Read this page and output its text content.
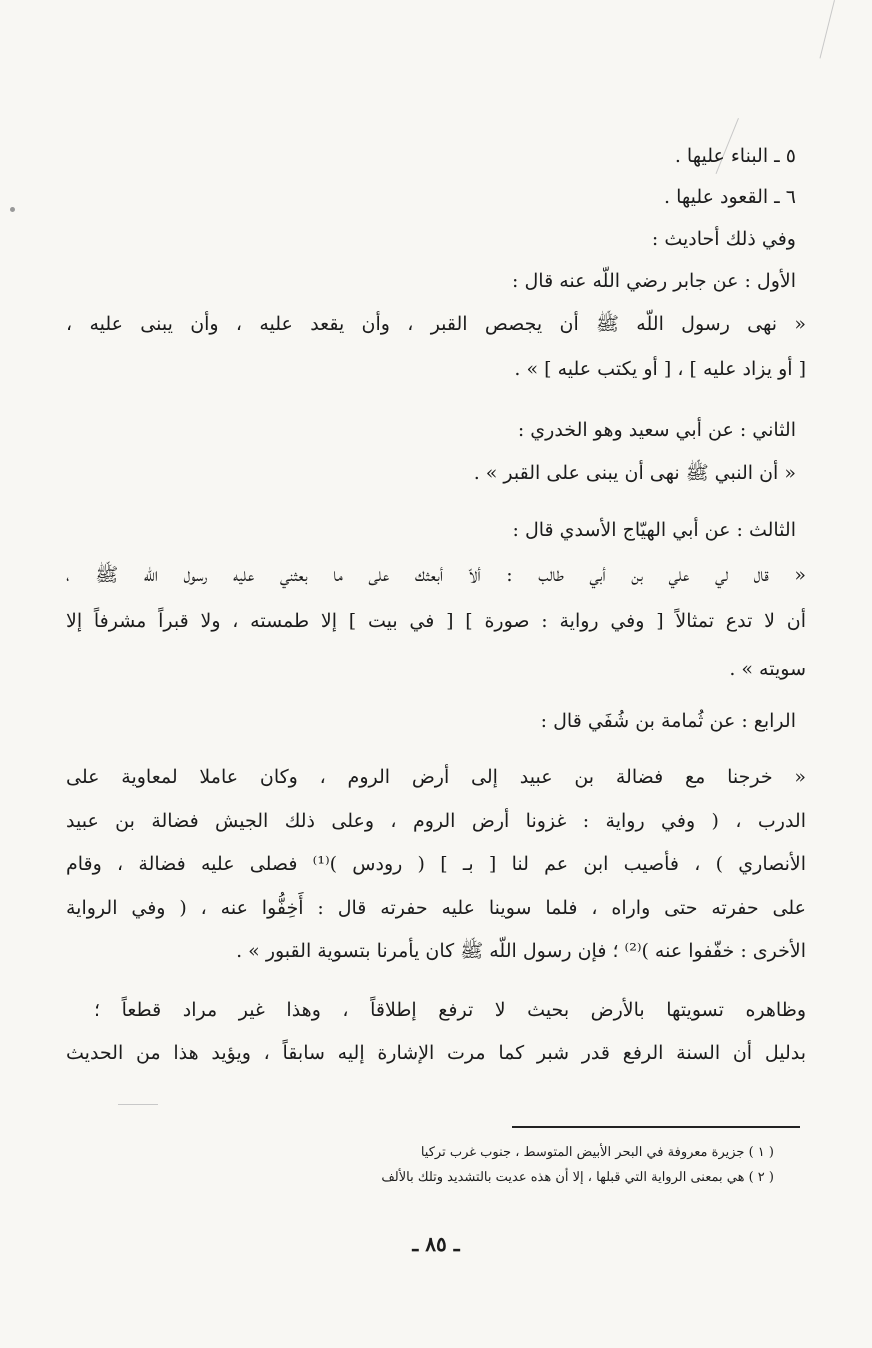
٥ ـ البناء عليها .
٦ ـ القعود عليها .
وفي ذلك أحاديث :
الأول : عن جابر رضي اللّه عنه قال :
« نهى رسول اللّه ﷺ أن يجصص القبر ، وأن يقعد عليه ، وأن يبنى عليه ،
[ أو يزاد عليه ] ، [ أو يكتب عليه ] » .
الثاني : عن أبي سعيد وهو الخدري :
« أن النبي ﷺ نهى أن يبنى على القبر » .
الثالث : عن أبي الهيّاج الأسدي قال :
« قال لي علي بن أبي طالب : ألاّ أبعثك على ما بعثني عليه رسول اللّه ﷺ ،
أن لا تدع تمثالاً [ وفي رواية : صورة ] [ في بيت ] إلا طمسته ، ولا قبراً مشرفاً إلا
سويته » .
الرابع : عن ثُمامة بن شُفَي قال :
« خرجنا مع فضالة بن عبيد إلى أرض الروم ، وكان عاملا لمعاوية على
الدرب ، ( وفي رواية : غزونا أرض الروم ، وعلى ذلك الجيش فضالة بن عبيد
الأنصاري ) ، فأصيب ابن عم لنا [ بـ ] ( رودس )⁽¹⁾ فصلى عليه فضالة ، وقام
على حفرته حتى واراه ، فلما سوينا عليه حفرته قال : أَخِفُّوا عنه ، ( وفي الرواية
الأخرى : خفّفوا عنه )⁽²⁾ ؛ فإن رسول اللّه ﷺ كان يأمرنا بتسوية القبور » .
وظاهره تسويتها بالأرض بحيث لا ترفع إطلاقاً ، وهذا غير مراد قطعاً ؛
بدليل أن السنة الرفع قدر شبر كما مرت الإشارة إليه سابقاً ، ويؤيد هذا من الحديث
( ١ ) جزيرة معروفة في البحر الأبيض المتوسط ، جنوب غرب تركيا
( ٢ ) هي بمعنى الرواية التي قبلها ، إلا أن هذه عديت بالتشديد وتلك بالألف
ـ ٨٥ ـ
